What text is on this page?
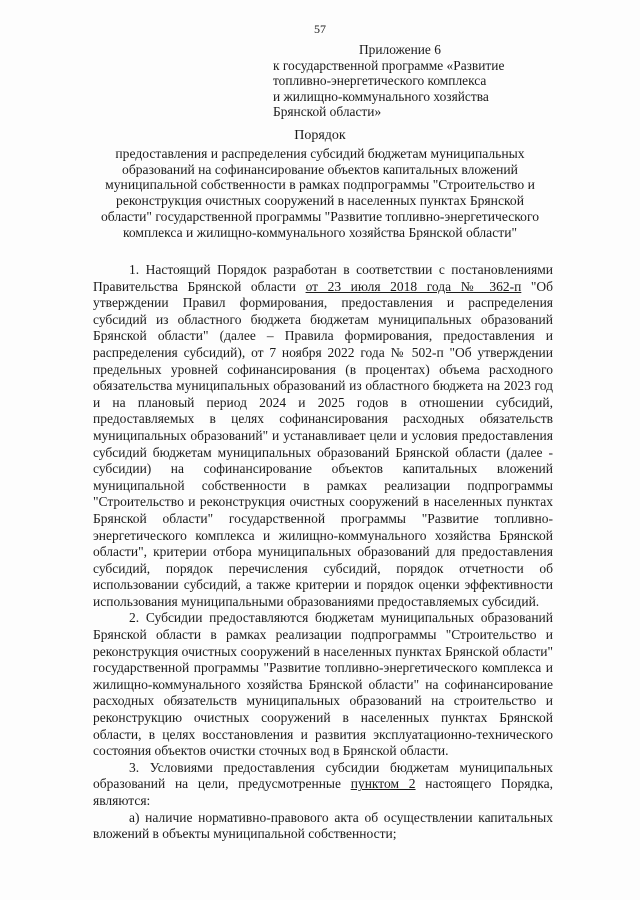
57
Приложение 6
к государственной программе «Развитие
топливно-энергетического комплекса
и жилищно-коммунального хозяйства
Брянской области»
Порядок
предоставления и распределения субсидий бюджетам муниципальных
образований на софинансирование объектов капитальных вложений
муниципальной собственности в рамках подпрограммы "Строительство и
реконструкция очистных сооружений в населенных пунктах Брянской
области" государственной программы "Развитие топливно-энергетического
комплекса и жилищно-коммунального хозяйства Брянской области"

1. Настоящий Порядок разработан в соответствии с постановлениями Правительства Брянской области от 23 июля 2018 года № 362-п "Об утверждении Правил формирования, предоставления и распределения субсидий из областного бюджета бюджетам муниципальных образований Брянской области" (далее – Правила формирования, предоставления и распределения субсидий), от 7 ноября 2022 года № 502-п "Об утверждении предельных уровней софинансирования (в процентах) объема расходного обязательства муниципальных образований из областного бюджета на 2023 год и на плановый период 2024 и 2025 годов в отношении субсидий, предоставляемых в целях софинансирования расходных обязательств муниципальных образований" и устанавливает цели и условия предоставления субсидий бюджетам муниципальных образований Брянской области (далее - субсидии) на софинансирование объектов капитальных вложений муниципальной собственности в рамках реализации подпрограммы "Строительство и реконструкция очистных сооружений в населенных пунктах Брянской области" государственной программы "Развитие топливно-энергетического комплекса и жилищно-коммунального хозяйства Брянской области", критерии отбора муниципальных образований для предоставления субсидий, порядок перечисления субсидий, порядок отчетности об использовании субсидий, а также критерии и порядок оценки эффективности использования муниципальными образованиями предоставляемых субсидий.

2. Субсидии предоставляются бюджетам муниципальных образований Брянской области в рамках реализации подпрограммы "Строительство и реконструкция очистных сооружений в населенных пунктах Брянской области" государственной программы "Развитие топливно-энергетического комплекса и жилищно-коммунального хозяйства Брянской области" на софинансирование расходных обязательств муниципальных образований на строительство и реконструкцию очистных сооружений в населенных пунктах Брянской области, в целях восстановления и развития эксплуатационно-технического состояния объектов очистки сточных вод в Брянской области.

3. Условиями предоставления субсидии бюджетам муниципальных образований на цели, предусмотренные пунктом 2 настоящего Порядка, являются:

а) наличие нормативно-правового акта об осуществлении капитальных вложений в объекты муниципальной собственности;
